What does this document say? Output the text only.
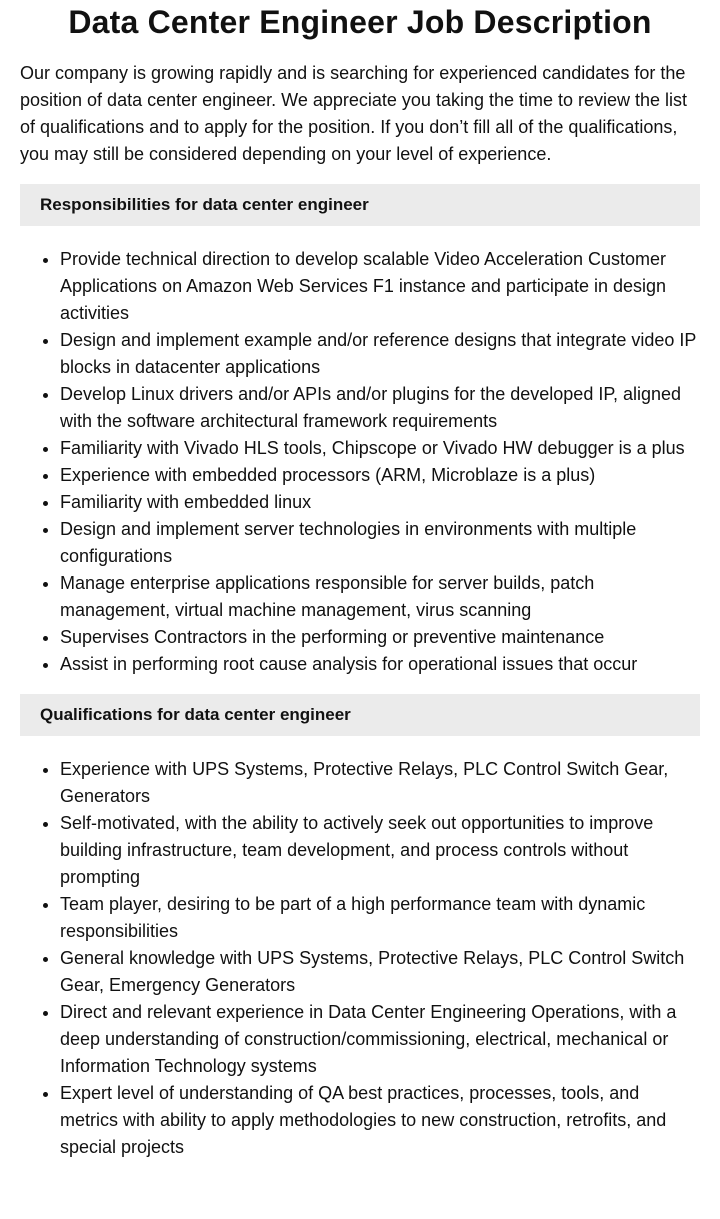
Data Center Engineer Job Description

Our company is growing rapidly and is searching for experienced candidates for the position of data center engineer. We appreciate you taking the time to review the list of qualifications and to apply for the position. If you don’t fill all of the qualifications, you may still be considered depending on your level of experience.

Responsibilities for data center engineer
• Provide technical direction to develop scalable Video Acceleration Customer Applications on Amazon Web Services F1 instance and participate in design activities
• Design and implement example and/or reference designs that integrate video IP blocks in datacenter applications
• Develop Linux drivers and/or APIs and/or plugins for the developed IP, aligned with the software architectural framework requirements
• Familiarity with Vivado HLS tools, Chipscope or Vivado HW debugger is a plus
• Experience with embedded processors (ARM, Microblaze is a plus)
• Familiarity with embedded linux
• Design and implement server technologies in environments with multiple configurations
• Manage enterprise applications responsible for server builds, patch management, virtual machine management, virus scanning
• Supervises Contractors in the performing or preventive maintenance
• Assist in performing root cause analysis for operational issues that occur
Qualifications for data center engineer
• Experience with UPS Systems, Protective Relays, PLC Control Switch Gear, Generators
• Self-motivated, with the ability to actively seek out opportunities to improve building infrastructure, team development, and process controls without prompting
• Team player, desiring to be part of a high performance team with dynamic responsibilities
• General knowledge with UPS Systems, Protective Relays, PLC Control Switch Gear, Emergency Generators
• Direct and relevant experience in Data Center Engineering Operations, with a deep understanding of construction/commissioning, electrical, mechanical or Information Technology systems
• Expert level of understanding of QA best practices, processes, tools, and metrics with ability to apply methodologies to new construction, retrofits, and special projects
